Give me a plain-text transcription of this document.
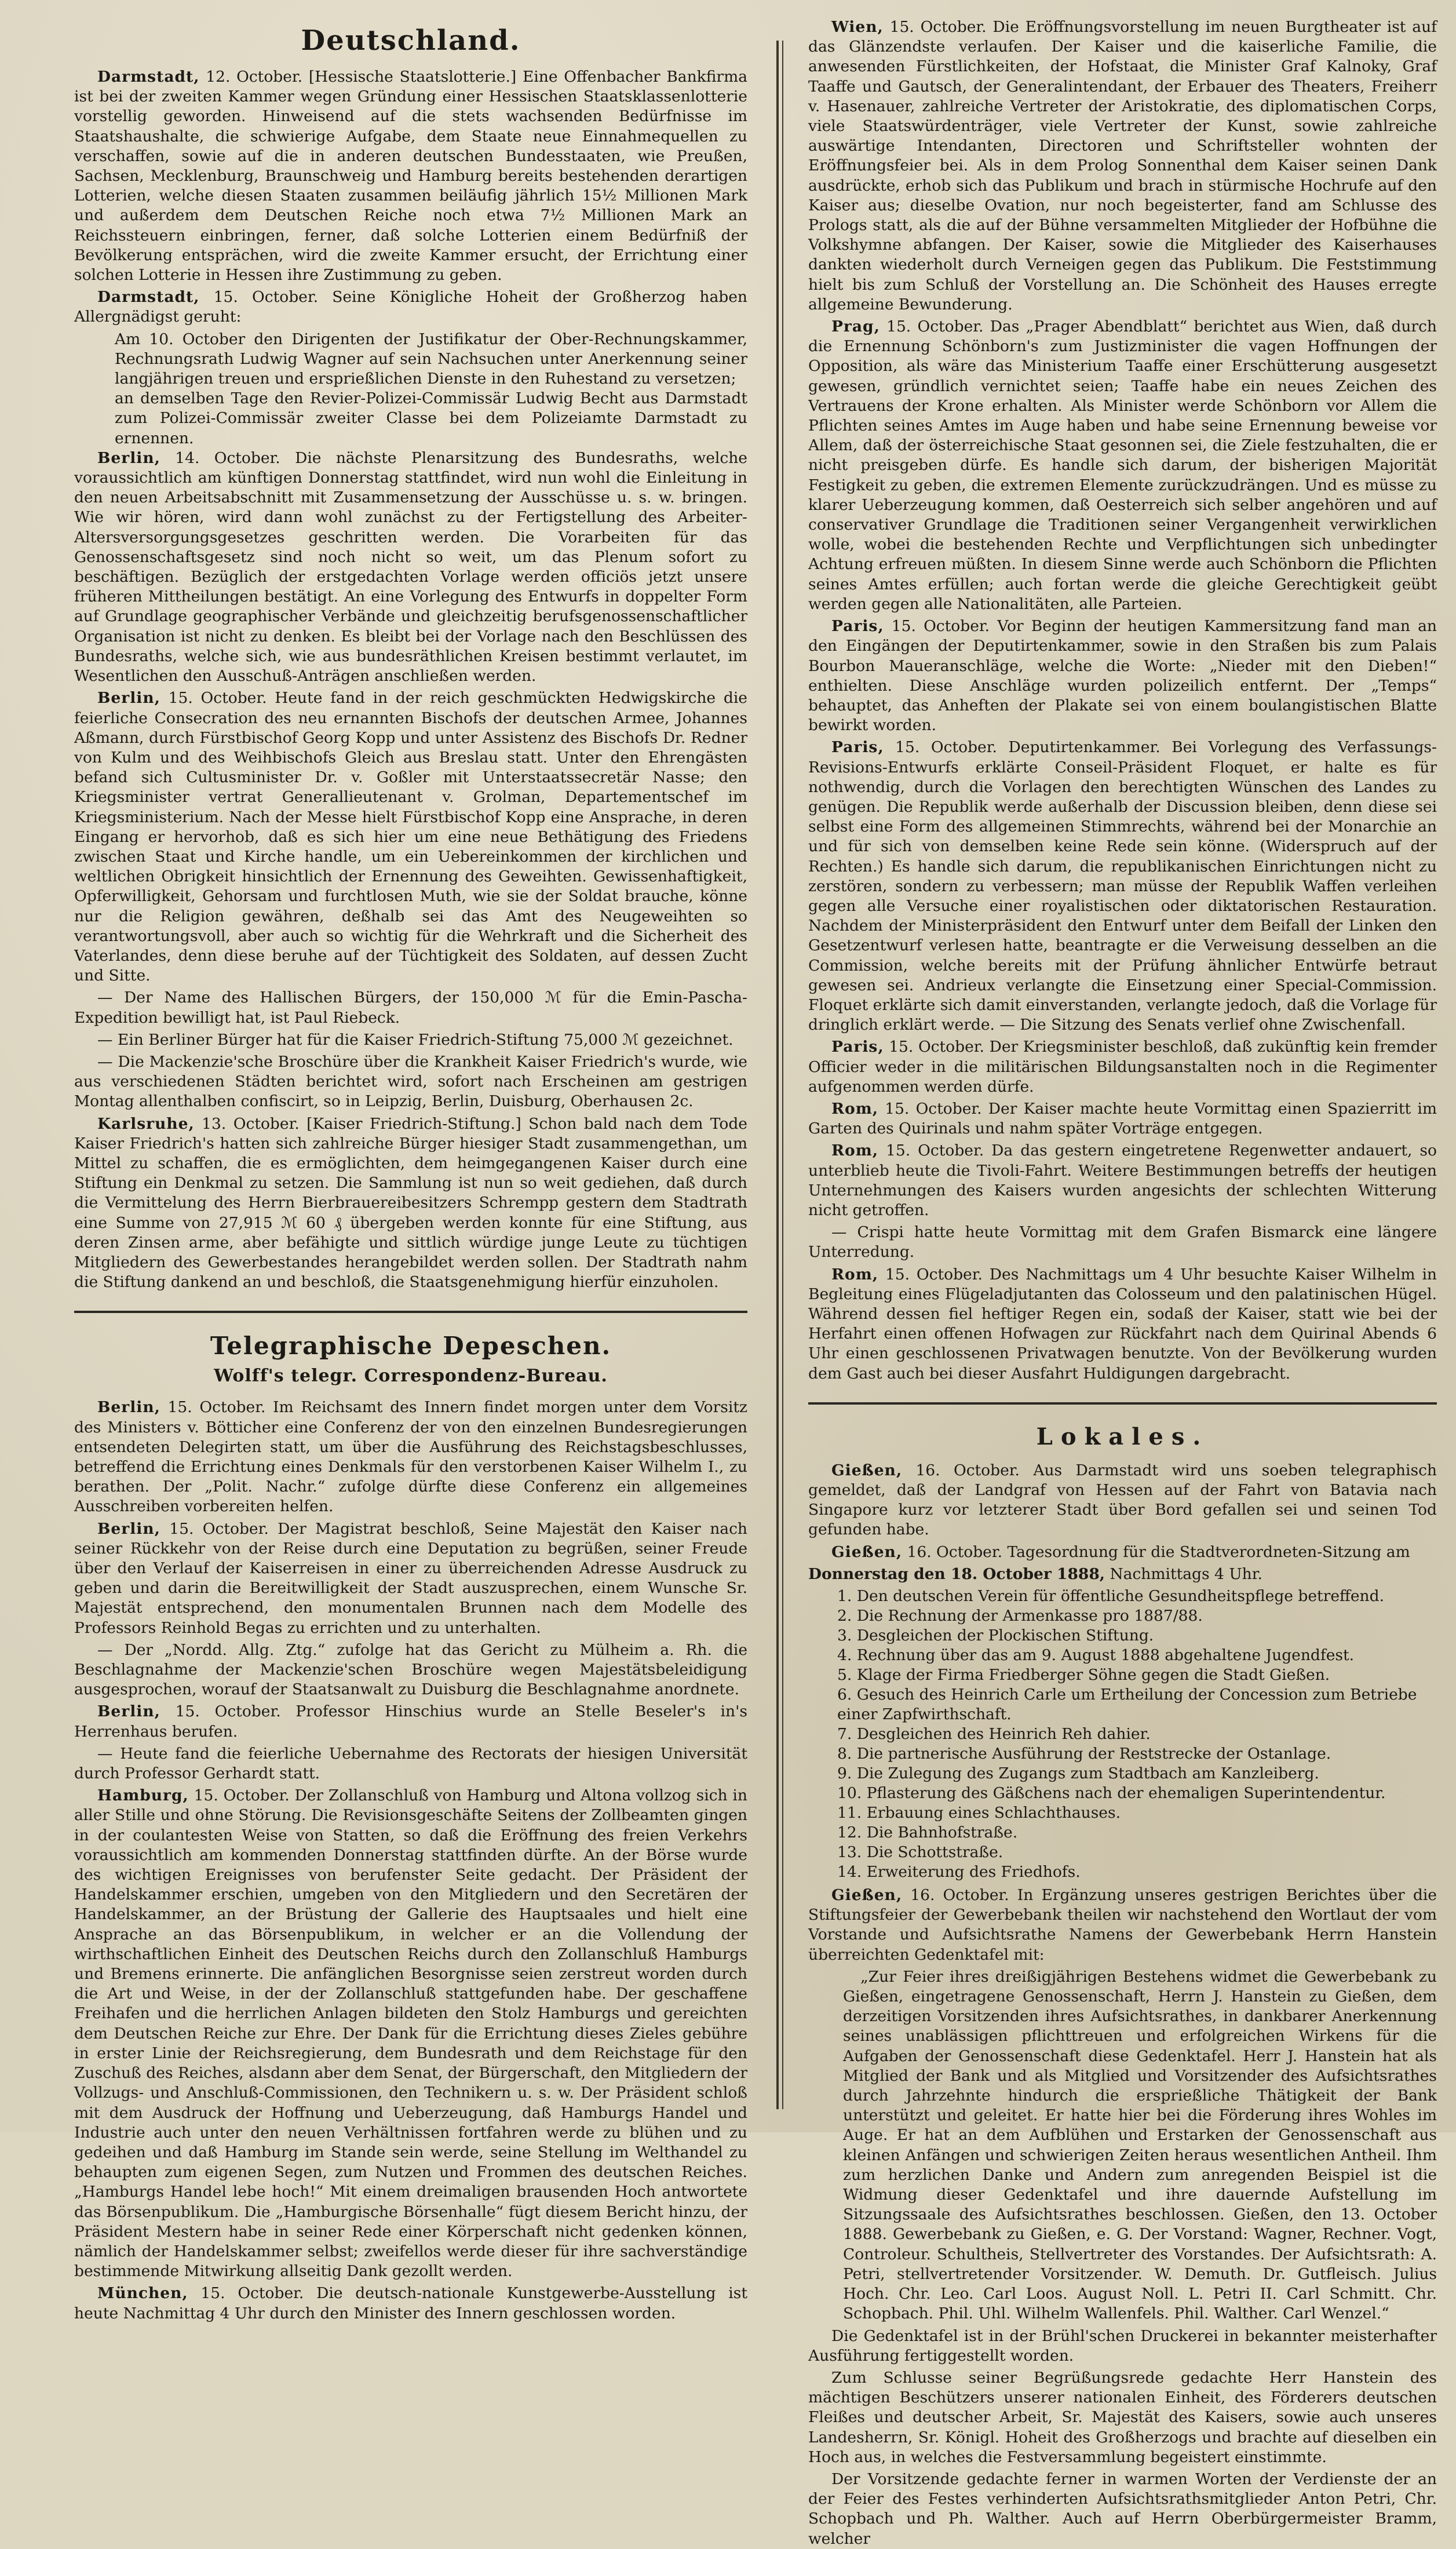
Deutschland.

Darmstadt, 12. October. [Hessische Staatslotterie.] Eine Offenbacher Bankfirma ist bei der zweiten Kammer wegen Gründung einer Hessischen Staatsklassenlotterie vorstellig geworden. Hinweisend auf die stets wachsenden Bedürfnisse im Staatshaushalte, die schwierige Aufgabe, dem Staate neue Einnahmequellen zu verschaffen, sowie auf die in anderen deutschen Bundesstaaten, wie Preußen, Sachsen, Mecklenburg, Braunschweig und Hamburg bereits bestehenden derartigen Lotterien, welche diesen Staaten zusammen beiläufig jährlich 15½ Millionen Mark und außerdem dem Deutschen Reiche noch etwa 7½ Millionen Mark an Reichssteuern einbringen, ferner, daß solche Lotterien einem Bedürfniß der Bevölkerung entsprächen, wird die zweite Kammer ersucht, der Errichtung einer solchen Lotterie in Hessen ihre Zustimmung zu geben.

Darmstadt, 15. October. Seine Königliche Hoheit der Großherzog haben Allergnädigst geruht:

Am 10. October den Dirigenten der Justifikatur der Ober-Rechnungskammer, Rechnungsrath Ludwig Wagner auf sein Nachsuchen unter Anerkennung seiner langjährigen treuen und ersprießlichen Dienste in den Ruhestand zu versetzen;

an demselben Tage den Revier-Polizei-Commissär Ludwig Becht aus Darmstadt zum Polizei-Commissär zweiter Classe bei dem Polizeiamte Darmstadt zu ernennen.

Berlin, 14. October. Die nächste Plenarsitzung des Bundesraths, welche voraussichtlich am künftigen Donnerstag stattfindet, wird nun wohl die Einleitung in den neuen Arbeitsabschnitt mit Zusammensetzung der Ausschüsse u. s. w. bringen. Wie wir hören, wird dann wohl zunächst zu der Fertigstellung des Arbeiter-Altersversorgungsgesetzes geschritten werden. Die Vorarbeiten für das Genossenschaftsgesetz sind noch nicht so weit, um das Plenum sofort zu beschäftigen. Bezüglich der erstgedachten Vorlage werden officiös jetzt unsere früheren Mittheilungen bestätigt. An eine Vorlegung des Entwurfs in doppelter Form auf Grundlage geographischer Verbände und gleichzeitig berufsgenossenschaftlicher Organisation ist nicht zu denken. Es bleibt bei der Vorlage nach den Beschlüssen des Bundesraths, welche sich, wie aus bundesräthlichen Kreisen bestimmt verlautet, im Wesentlichen den Ausschuß-Anträgen anschließen werden.

Berlin, 15. October. Heute fand in der reich geschmückten Hedwigskirche die feierliche Consecration des neu ernannten Bischofs der deutschen Armee, Johannes Aßmann, durch Fürstbischof Georg Kopp und unter Assistenz des Bischofs Dr. Redner von Kulm und des Weihbischofs Gleich aus Breslau statt. Unter den Ehrengästen befand sich Cultusminister Dr. v. Goßler mit Unterstaatssecretär Nasse; den Kriegsminister vertrat Generallieutenant v. Grolman, Departementschef im Kriegsministerium. Nach der Messe hielt Fürstbischof Kopp eine Ansprache, in deren Eingang er hervorhob, daß es sich hier um eine neue Bethätigung des Friedens zwischen Staat und Kirche handle, um ein Uebereinkommen der kirchlichen und weltlichen Obrigkeit hinsichtlich der Ernennung des Geweihten. Gewissenhaftigkeit, Opferwilligkeit, Gehorsam und furchtlosen Muth, wie sie der Soldat brauche, könne nur die Religion gewähren, deßhalb sei das Amt des Neugeweihten so verantwortungsvoll, aber auch so wichtig für die Wehrkraft und die Sicherheit des Vaterlandes, denn diese beruhe auf der Tüchtigkeit des Soldaten, auf dessen Zucht und Sitte.

— Der Name des Hallischen Bürgers, der 150,000 ℳ für die Emin-Pascha-Expedition bewilligt hat, ist Paul Riebeck.

— Ein Berliner Bürger hat für die Kaiser Friedrich-Stiftung 75,000 ℳ gezeichnet.

— Die Mackenzie'sche Broschüre über die Krankheit Kaiser Friedrich's wurde, wie aus verschiedenen Städten berichtet wird, sofort nach Erscheinen am gestrigen Montag allenthalben confiscirt, so in Leipzig, Berlin, Duisburg, Oberhausen 2c.

Karlsruhe, 13. October. [Kaiser Friedrich-Stiftung.] Schon bald nach dem Tode Kaiser Friedrich's hatten sich zahlreiche Bürger hiesiger Stadt zusammengethan, um Mittel zu schaffen, die es ermöglichten, dem heimgegangenen Kaiser durch eine Stiftung ein Denkmal zu setzen. Die Sammlung ist nun so weit gediehen, daß durch die Vermittelung des Herrn Bierbrauereibesitzers Schrempp gestern dem Stadtrath eine Summe von 27,915 ℳ 60 ₰ übergeben werden konnte für eine Stiftung, aus deren Zinsen arme, aber befähigte und sittlich würdige junge Leute zu tüchtigen Mitgliedern des Gewerbestandes herangebildet werden sollen. Der Stadtrath nahm die Stiftung dankend an und beschloß, die Staatsgenehmigung hierfür einzuholen.

Telegraphische Depeschen.
Wolff's telegr. Correspondenz-Bureau.

Berlin, 15. October. Im Reichsamt des Innern findet morgen unter dem Vorsitz des Ministers v. Bötticher eine Conferenz der von den einzelnen Bundesregierungen entsendeten Delegirten statt, um über die Ausführung des Reichstagsbeschlusses, betreffend die Errichtung eines Denkmals für den verstorbenen Kaiser Wilhelm I., zu berathen. Der „Polit. Nachr.“ zufolge dürfte diese Conferenz ein allgemeines Ausschreiben vorbereiten helfen.

Berlin, 15. October. Der Magistrat beschloß, Seine Majestät den Kaiser nach seiner Rückkehr von der Reise durch eine Deputation zu begrüßen, seiner Freude über den Verlauf der Kaiserreisen in einer zu überreichenden Adresse Ausdruck zu geben und darin die Bereitwilligkeit der Stadt auszusprechen, einem Wunsche Sr. Majestät entsprechend, den monumentalen Brunnen nach dem Modelle des Professors Reinhold Begas zu errichten und zu unterhalten.

— Der „Nordd. Allg. Ztg.“ zufolge hat das Gericht zu Mülheim a. Rh. die Beschlagnahme der Mackenzie'schen Broschüre wegen Majestätsbeleidigung ausgesprochen, worauf der Staatsanwalt zu Duisburg die Beschlagnahme anordnete.

Berlin, 15. October. Professor Hinschius wurde an Stelle Beseler's in's Herrenhaus berufen.

— Heute fand die feierliche Uebernahme des Rectorats der hiesigen Universität durch Professor Gerhardt statt.

Hamburg, 15. October. Der Zollanschluß von Hamburg und Altona vollzog sich in aller Stille und ohne Störung. Die Revisionsgeschäfte Seitens der Zollbeamten gingen in der coulantesten Weise von Statten, so daß die Eröffnung des freien Verkehrs voraussichtlich am kommenden Donnerstag stattfinden dürfte. An der Börse wurde des wichtigen Ereignisses von berufenster Seite gedacht. Der Präsident der Handelskammer erschien, umgeben von den Mitgliedern und den Secretären der Handelskammer, an der Brüstung der Gallerie des Hauptsaales und hielt eine Ansprache an das Börsenpublikum, in welcher er an die Vollendung der wirthschaftlichen Einheit des Deutschen Reichs durch den Zollanschluß Hamburgs und Bremens erinnerte. Die anfänglichen Besorgnisse seien zerstreut worden durch die Art und Weise, in der der Zollanschluß stattgefunden habe. Der geschaffene Freihafen und die herrlichen Anlagen bildeten den Stolz Hamburgs und gereichten dem Deutschen Reiche zur Ehre. Der Dank für die Errichtung dieses Zieles gebühre in erster Linie der Reichsregierung, dem Bundesrath und dem Reichstage für den Zuschuß des Reiches, alsdann aber dem Senat, der Bürgerschaft, den Mitgliedern der Vollzugs- und Anschluß-Commissionen, den Technikern u. s. w. Der Präsident schloß mit dem Ausdruck der Hoffnung und Ueberzeugung, daß Hamburgs Handel und Industrie auch unter den neuen Verhältnissen fortfahren werde zu blühen und zu gedeihen und daß Hamburg im Stande sein werde, seine Stellung im Welthandel zu behaupten zum eigenen Segen, zum Nutzen und Frommen des deutschen Reiches. „Hamburgs Handel lebe hoch!“ Mit einem dreimaligen brausenden Hoch antwortete das Börsenpublikum. Die „Hamburgische Börsenhalle“ fügt diesem Bericht hinzu, der Präsident Mestern habe in seiner Rede einer Körperschaft nicht gedenken können, nämlich der Handelskammer selbst; zweifellos werde dieser für ihre sachverständige bestimmende Mitwirkung allseitig Dank gezollt werden.

München, 15. October. Die deutsch-nationale Kunstgewerbe-Ausstellung ist heute Nachmittag 4 Uhr durch den Minister des Innern geschlossen worden.

Wien, 15. October. Die Eröffnungsvorstellung im neuen Burgtheater ist auf das Glänzendste verlaufen. Der Kaiser und die kaiserliche Familie, die anwesenden Fürstlichkeiten, der Hofstaat, die Minister Graf Kalnoky, Graf Taaffe und Gautsch, der Generalintendant, der Erbauer des Theaters, Freiherr v. Hasenauer, zahlreiche Vertreter der Aristokratie, des diplomatischen Corps, viele Staatswürdenträger, viele Vertreter der Kunst, sowie zahlreiche auswärtige Intendanten, Directoren und Schriftsteller wohnten der Eröffnungsfeier bei. Als in dem Prolog Sonnenthal dem Kaiser seinen Dank ausdrückte, erhob sich das Publikum und brach in stürmische Hochrufe auf den Kaiser aus; dieselbe Ovation, nur noch begeisterter, fand am Schlusse des Prologs statt, als die auf der Bühne versammelten Mitglieder der Hofbühne die Volkshymne abfangen. Der Kaiser, sowie die Mitglieder des Kaiserhauses dankten wiederholt durch Verneigen gegen das Publikum. Die Feststimmung hielt bis zum Schluß der Vorstellung an. Die Schönheit des Hauses erregte allgemeine Bewunderung.

Prag, 15. October. Das „Prager Abendblatt“ berichtet aus Wien, daß durch die Ernennung Schönborn's zum Justizminister die vagen Hoffnungen der Opposition, als wäre das Ministerium Taaffe einer Erschütterung ausgesetzt gewesen, gründlich vernichtet seien; Taaffe habe ein neues Zeichen des Vertrauens der Krone erhalten. Als Minister werde Schönborn vor Allem die Pflichten seines Amtes im Auge haben und habe seine Ernennung beweise vor Allem, daß der österreichische Staat gesonnen sei, die Ziele festzuhalten, die er nicht preisgeben dürfe. Es handle sich darum, der bisherigen Majorität Festigkeit zu geben, die extremen Elemente zurückzudrängen. Und es müsse zu klarer Ueberzeugung kommen, daß Oesterreich sich selber angehören und auf conservativer Grundlage die Traditionen seiner Vergangenheit verwirklichen wolle, wobei die bestehenden Rechte und Verpflichtungen sich unbedingter Achtung erfreuen müßten. In diesem Sinne werde auch Schönborn die Pflichten seines Amtes erfüllen; auch fortan werde die gleiche Gerechtigkeit geübt werden gegen alle Nationalitäten, alle Parteien.

Paris, 15. October. Vor Beginn der heutigen Kammersitzung fand man an den Eingängen der Deputirtenkammer, sowie in den Straßen bis zum Palais Bourbon Maueranschläge, welche die Worte: „Nieder mit den Dieben!“ enthielten. Diese Anschläge wurden polizeilich entfernt. Der „Temps“ behauptet, das Anheften der Plakate sei von einem boulangistischen Blatte bewirkt worden.

Paris, 15. October. Deputirtenkammer. Bei Vorlegung des Verfassungs-Revisions-Entwurfs erklärte Conseil-Präsident Floquet, er halte es für nothwendig, durch die Vorlagen den berechtigten Wünschen des Landes zu genügen. Die Republik werde außerhalb der Discussion bleiben, denn diese sei selbst eine Form des allgemeinen Stimmrechts, während bei der Monarchie an und für sich von demselben keine Rede sein könne. (Widerspruch auf der Rechten.) Es handle sich darum, die republikanischen Einrichtungen nicht zu zerstören, sondern zu verbessern; man müsse der Republik Waffen verleihen gegen alle Versuche einer royalistischen oder diktatorischen Restauration. Nachdem der Ministerpräsident den Entwurf unter dem Beifall der Linken den Gesetzentwurf verlesen hatte, beantragte er die Verweisung desselben an die Commission, welche bereits mit der Prüfung ähnlicher Entwürfe betraut gewesen sei. Andrieux verlangte die Einsetzung einer Special-Commission. Floquet erklärte sich damit einverstanden, verlangte jedoch, daß die Vorlage für dringlich erklärt werde. — Die Sitzung des Senats verlief ohne Zwischenfall.

Paris, 15. October. Der Kriegsminister beschloß, daß zukünftig kein fremder Officier weder in die militärischen Bildungsanstalten noch in die Regimenter aufgenommen werden dürfe.

Rom, 15. October. Der Kaiser machte heute Vormittag einen Spazierritt im Garten des Quirinals und nahm später Vorträge entgegen.

Rom, 15. October. Da das gestern eingetretene Regenwetter andauert, so unterblieb heute die Tivoli-Fahrt. Weitere Bestimmungen betreffs der heutigen Unternehmungen des Kaisers wurden angesichts der schlechten Witterung nicht getroffen.

— Crispi hatte heute Vormittag mit dem Grafen Bismarck eine längere Unterredung.

Rom, 15. October. Des Nachmittags um 4 Uhr besuchte Kaiser Wilhelm in Begleitung eines Flügeladjutanten das Colosseum und den palatinischen Hügel. Während dessen fiel heftiger Regen ein, sodaß der Kaiser, statt wie bei der Herfahrt einen offenen Hofwagen zur Rückfahrt nach dem Quirinal Abends 6 Uhr einen geschlossenen Privatwagen benutzte. Von der Bevölkerung wurden dem Gast auch bei dieser Ausfahrt Huldigungen dargebracht.

Lokales.

Gießen, 16. October. Aus Darmstadt wird uns soeben telegraphisch gemeldet, daß der Landgraf von Hessen auf der Fahrt von Batavia nach Singapore kurz vor letzterer Stadt über Bord gefallen sei und seinen Tod gefunden habe.

Gießen, 16. October. Tagesordnung für die Stadtverordneten-Sitzung am

Donnerstag den 18. October 1888, Nachmittags 4 Uhr.

1. Den deutschen Verein für öffentliche Gesundheitspflege betreffend.
2. Die Rechnung der Armenkasse pro 1887/88.
3. Desgleichen der Plockischen Stiftung.
4. Rechnung über das am 9. August 1888 abgehaltene Jugendfest.
5. Klage der Firma Friedberger Söhne gegen die Stadt Gießen.
6. Gesuch des Heinrich Carle um Ertheilung der Concession zum Betriebe einer Zapfwirthschaft.
7. Desgleichen des Heinrich Reh dahier.
8. Die partnerische Ausführung der Reststrecke der Ostanlage.
9. Die Zulegung des Zugangs zum Stadtbach am Kanzleiberg.
10. Pflasterung des Gäßchens nach der ehemaligen Superintendentur.
11. Erbauung eines Schlachthauses.
12. Die Bahnhofstraße.
13. Die Schottstraße.
14. Erweiterung des Friedhofs.

Gießen, 16. October. In Ergänzung unseres gestrigen Berichtes über die Stiftungsfeier der Gewerbebank theilen wir nachstehend den Wortlaut der vom Vorstande und Aufsichtsrathe Namens der Gewerbebank Herrn Hanstein überreichten Gedenktafel mit:

„Zur Feier ihres dreißigjährigen Bestehens widmet die Gewerbebank zu Gießen, eingetragene Genossenschaft, Herrn J. Hanstein zu Gießen, dem derzeitigen Vorsitzenden ihres Aufsichtsrathes, in dankbarer Anerkennung seines unablässigen pflichttreuen und erfolgreichen Wirkens für die Aufgaben der Genossenschaft diese Gedenktafel. Herr J. Hanstein hat als Mitglied der Bank und als Mitglied und Vorsitzender des Aufsichtsrathes durch Jahrzehnte hindurch die ersprießliche Thätigkeit der Bank unterstützt und geleitet. Er hatte hier bei die Förderung ihres Wohles im Auge. Er hat an dem Aufblühen und Erstarken der Genossenschaft aus kleinen Anfängen und schwierigen Zeiten heraus wesentlichen Antheil. Ihm zum herzlichen Danke und Andern zum anregenden Beispiel ist die Widmung dieser Gedenktafel und ihre dauernde Aufstellung im Sitzungssaale des Aufsichtsrathes beschlossen. Gießen, den 13. October 1888. Gewerbebank zu Gießen, e. G. Der Vorstand: Wagner, Rechner. Vogt, Controleur. Schultheis, Stellvertreter des Vorstandes. Der Aufsichtsrath: A. Petri, stellvertretender Vorsitzender. W. Demuth. Dr. Gutfleisch. Julius Hoch. Chr. Leo. Carl Loos. August Noll. L. Petri II. Carl Schmitt. Chr. Schopbach. Phil. Uhl. Wilhelm Wallenfels. Phil. Walther. Carl Wenzel.“

Die Gedenktafel ist in der Brühl'schen Druckerei in bekannter meisterhafter Ausführung fertiggestellt worden.

Zum Schlusse seiner Begrüßungsrede gedachte Herr Hanstein des mächtigen Beschützers unserer nationalen Einheit, des Förderers deutschen Fleißes und deutscher Arbeit, Sr. Majestät des Kaisers, sowie auch unseres Landesherrn, Sr. Königl. Hoheit des Großherzogs und brachte auf dieselben ein Hoch aus, in welches die Festversammlung begeistert einstimmte.

Der Vorsitzende gedachte ferner in warmen Worten der Verdienste der an der Feier des Festes verhinderten Aufsichtsrathsmitglieder Anton Petri, Chr. Schopbach und Ph. Walther. Auch auf Herrn Oberbürgermeister Bramm, welcher
